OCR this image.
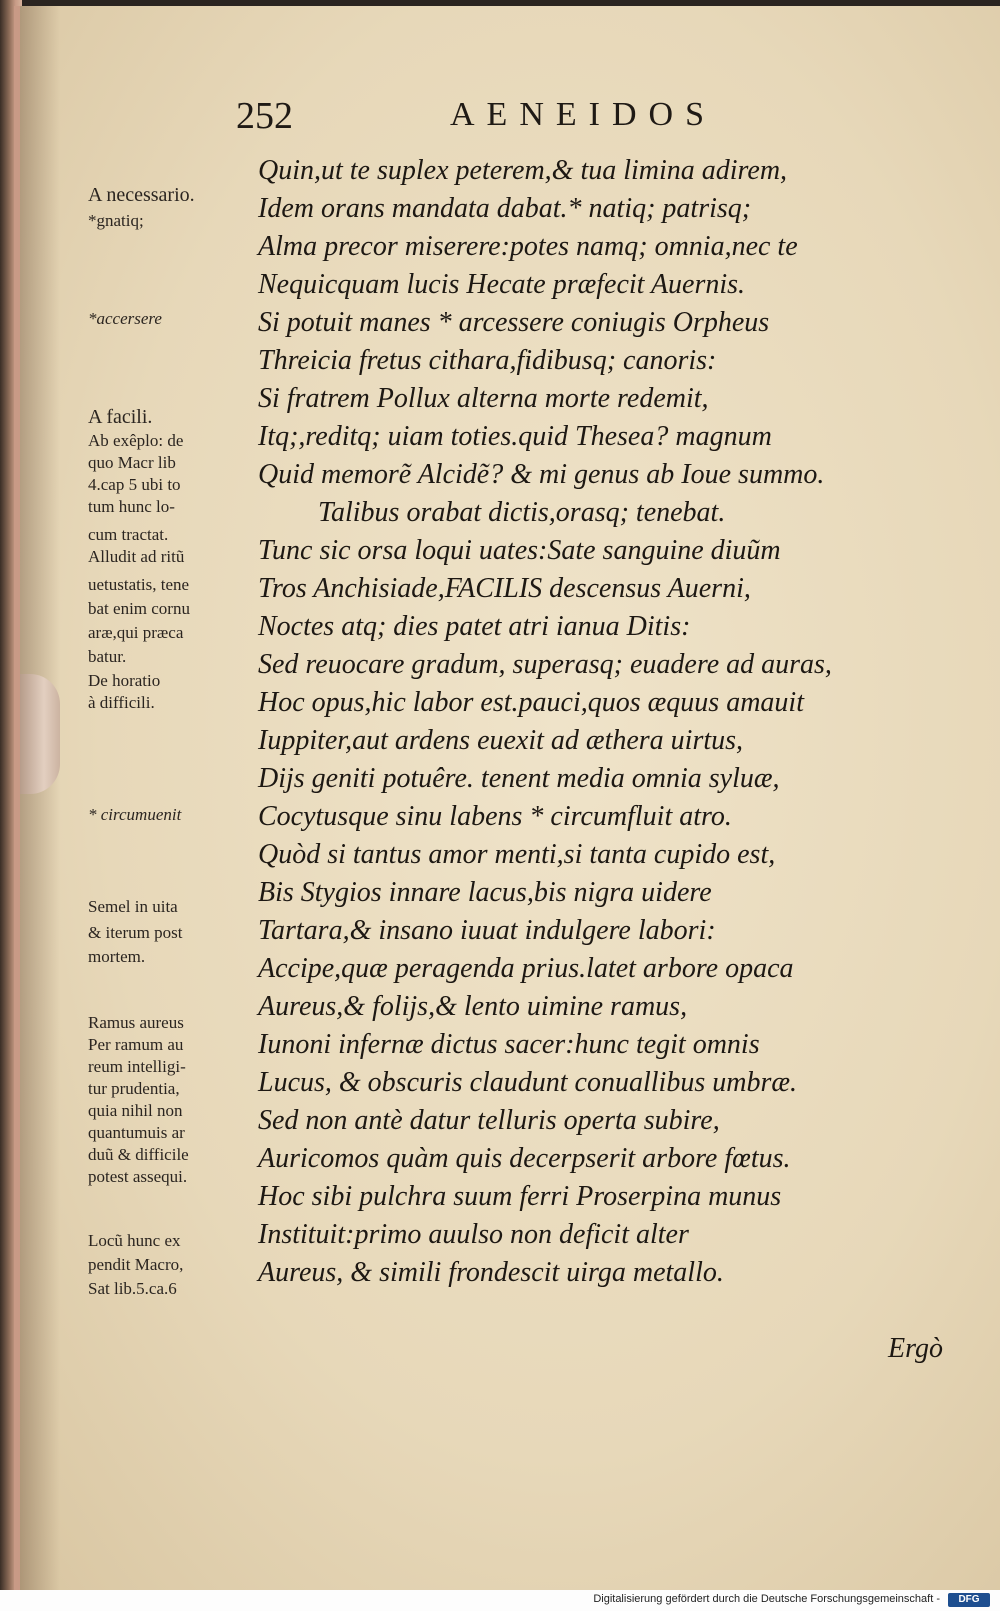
252	AENEIDOS
A necessario.
*gnatiq;
*accersere
A facili.
Ab exêplo: de
quo Macr lib
4.cap 5 ubi to
tum hunc lo-
cum tractat.
Alludit ad ritũ
uetustatis, tene
bat enim cornu
aræ,qui præca
batur.
De horatio
à difficili.
* circumuenit
Semel in uita
& iterum post
mortem.
Ramus aureus
Per ramum au
reum intelligi-
tur prudentia,
quia nihil non
quantumuis ar
duũ & difficile
potest assequi.
Locũ hunc ex
pendit Macro,
Sat lib.5.ca.6
Quin,ut te suplex peterem,& tua limina adirem,
Idem orans mandata dabat.* natiq; patrisq;
Alma precor miserere:potes namq; omnia,nec te
Nequicquam lucis Hecate præfecit Auernis.
Si potuit manes * arcessere coniugis Orpheus
Threicia fretus cithara,fidibusq; canoris:
Si fratrem Pollux alterna morte redemit,
Itq;,reditq; uiam toties.quid Thesea? magnum
Quid memorẽ Alcidẽ? & mi genus ab Ioue summo.
Talibus orabat dictis,orasq; tenebat.
Tunc sic orsa loqui uates:Sate sanguine diuũm
Tros Anchisiade,FACILIS descensus Auerni,
Noctes atq; dies patet atri ianua Ditis:
Sed reuocare gradum, superasq; euadere ad auras,
Hoc opus,hic labor est.pauci,quos æquus amauit
Iuppiter,aut ardens euexit ad æthera uirtus,
Dijs geniti potuêre. tenent media omnia syluæ,
Cocytusque sinu labens * circumfluit atro.
Quòd si tantus amor menti,si tanta cupido est,
Bis Stygios innare lacus,bis nigra uidere
Tartara,& insano iuuat indulgere labori:
Accipe,quæ peragenda prius.latet arbore opaca
Aureus,& folijs,& lento uimine ramus,
Iunoni infernæ dictus sacer:hunc tegit omnis
Lucus, & obscuris claudunt conuallibus umbræ.
Sed non antè datur telluris operta subire,
Auricomos quàm quis decerpserit arbore fœtus.
Hoc sibi pulchra suum ferri Proserpina munus
Instituit:primo auulso non deficit alter
Aureus, & simili frondescit uirga metallo.
Ergò
Digitalisierung gefördert durch die Deutsche Forschungsgemeinschaft -	DFG
